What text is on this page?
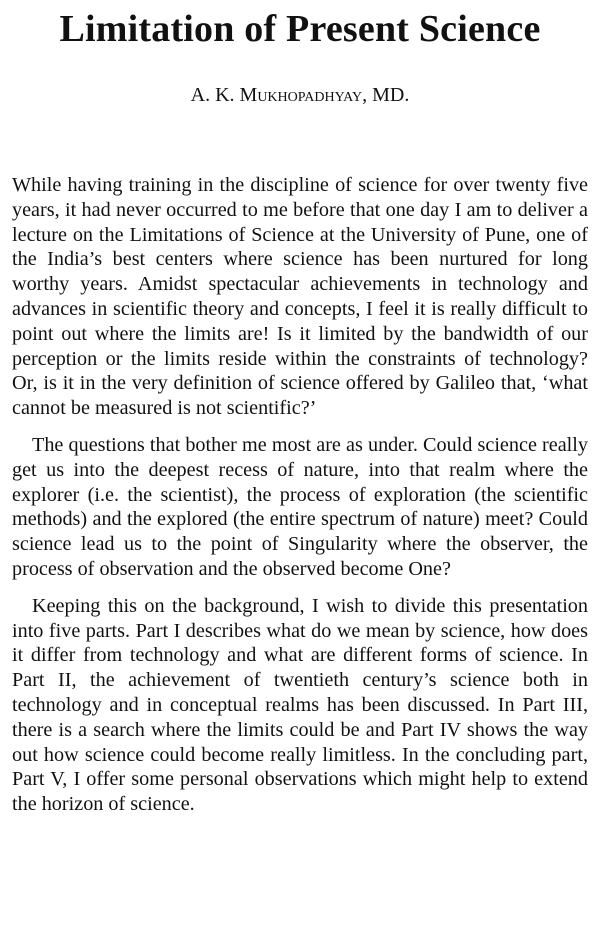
Limitation of Present Science
A. K. Mukhopadhyay, MD.

While having training in the discipline of science for over twenty five years, it had never occurred to me before that one day I am to deliver a lecture on the Limitations of Science at the University of Pune, one of the India’s best centers where science has been nurtured for long worthy years. Amidst spectacular achievements in technology and advances in scientific theory and concepts, I feel it is really difficult to point out where the limits are! Is it limited by the bandwidth of our perception or the limits reside within the constraints of technology? Or, is it in the very definition of science offered by Galileo that, ‘what cannot be measured is not scientific?’

The questions that bother me most are as under. Could science really get us into the deepest recess of nature, into that realm where the explorer (i.e. the scientist), the process of exploration (the scientific methods) and the explored (the entire spectrum of nature) meet? Could science lead us to the point of Singularity where the observer, the process of observation and the observed become One?

Keeping this on the background, I wish to divide this presentation into five parts. Part I describes what do we mean by science, how does it differ from technology and what are different forms of science. In Part II, the achievement of twentieth century’s science both in technology and in conceptual realms has been discussed. In Part III, there is a search where the limits could be and Part IV shows the way out how science could become really limitless. In the concluding part, Part V, I offer some personal observations which might help to extend the horizon of science.
